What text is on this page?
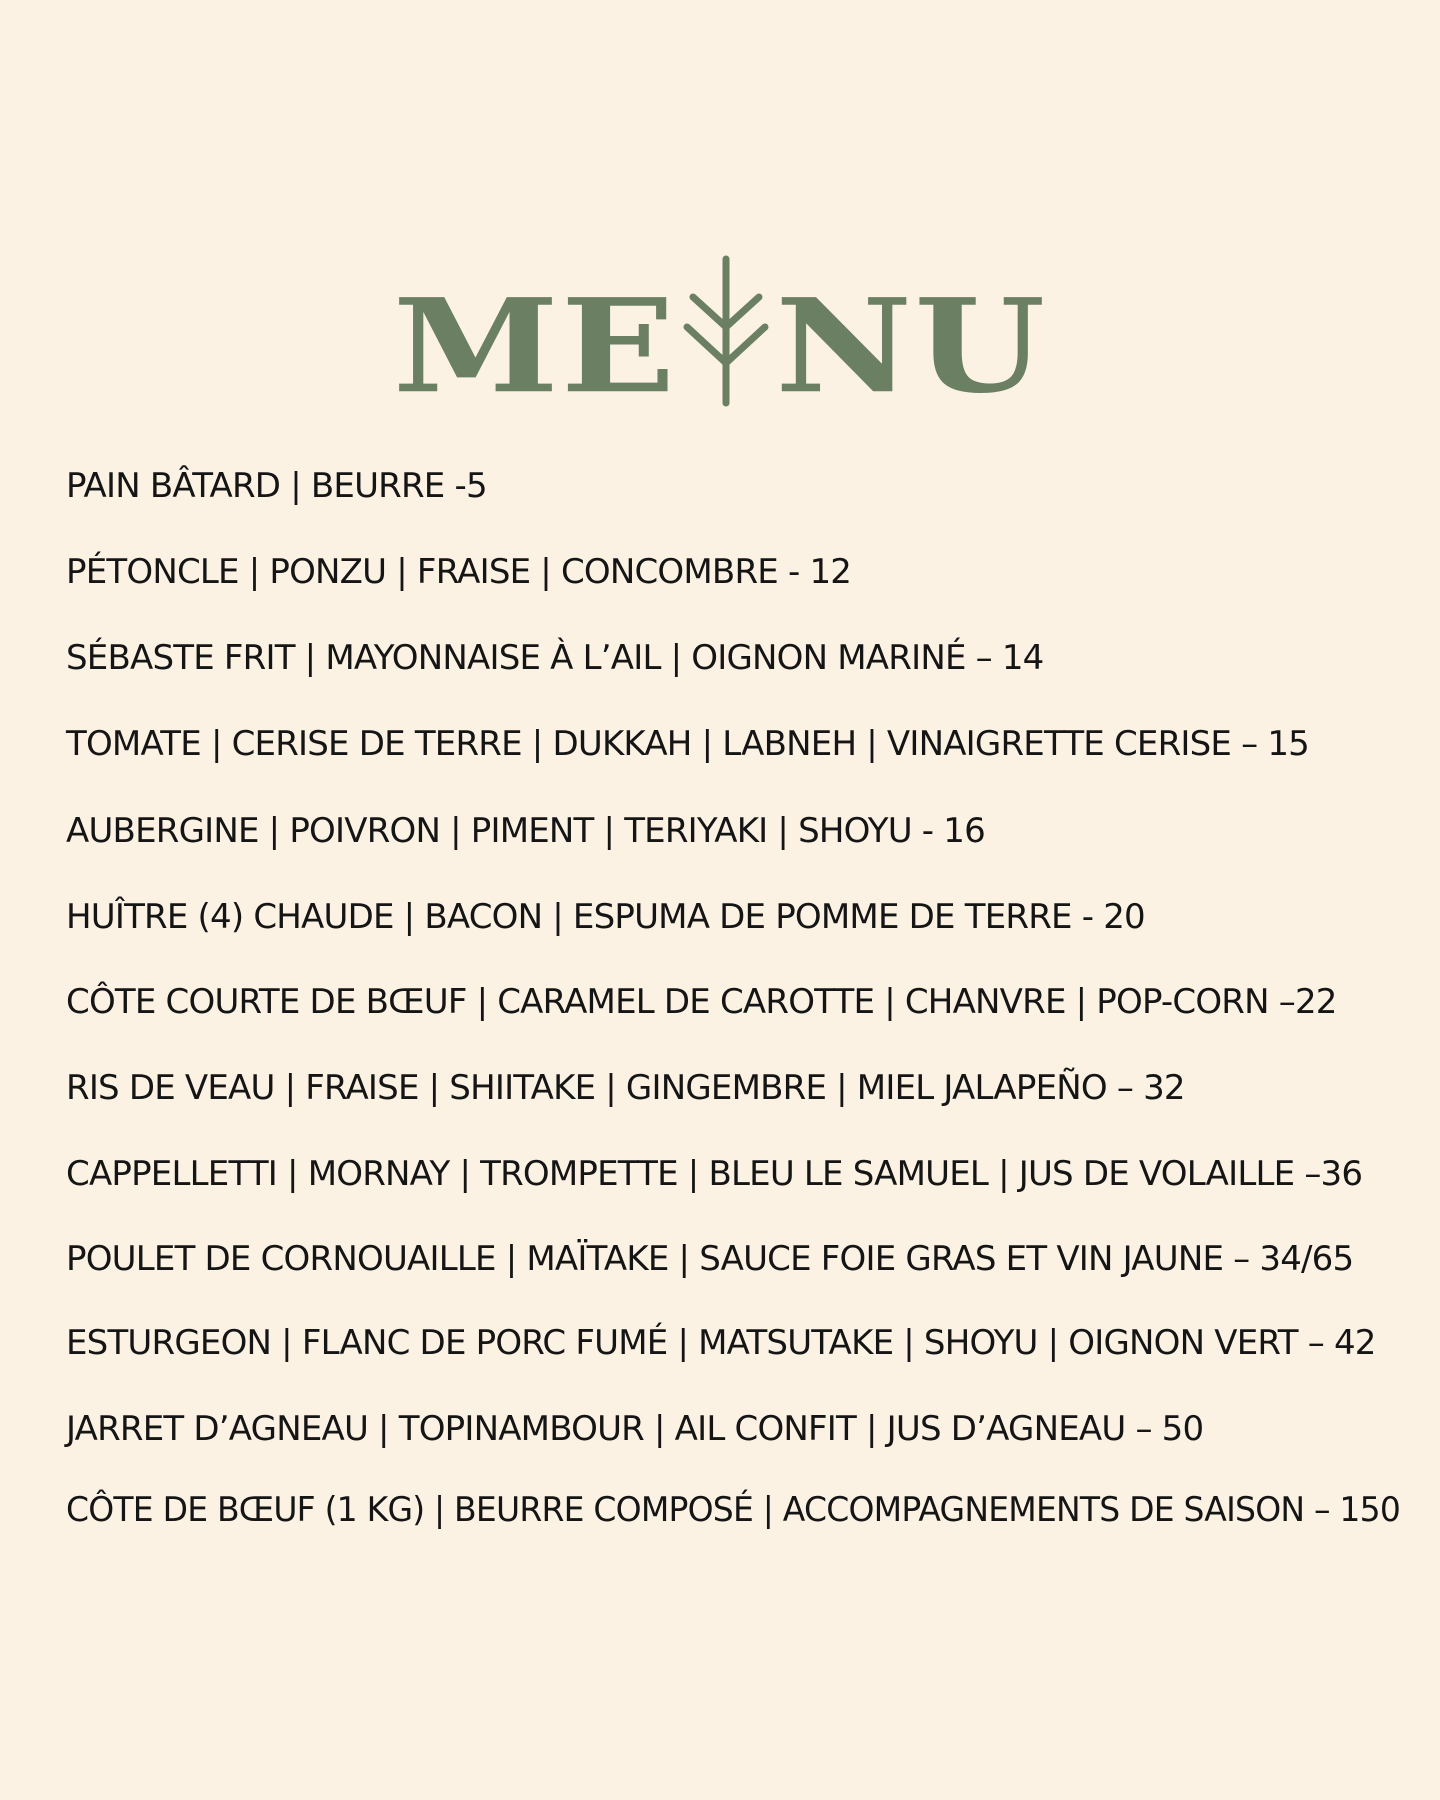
ME NU
PAIN BÂTARD | BEURRE -5
PÉTONCLE | PONZU | FRAISE | CONCOMBRE - 12
SÉBASTE FRIT | MAYONNAISE À L’AIL | OIGNON MARINÉ – 14
TOMATE | CERISE DE TERRE | DUKKAH | LABNEH | VINAIGRETTE CERISE – 15
AUBERGINE | POIVRON | PIMENT | TERIYAKI | SHOYU - 16
HUÎTRE (4) CHAUDE | BACON | ESPUMA DE POMME DE TERRE - 20
CÔTE COURTE DE BŒUF | CARAMEL DE CAROTTE | CHANVRE | POP-CORN –22
RIS DE VEAU | FRAISE | SHIITAKE | GINGEMBRE | MIEL JALAPEÑO – 32
CAPPELLETTI | MORNAY | TROMPETTE | BLEU LE SAMUEL | JUS DE VOLAILLE –36
POULET DE CORNOUAILLE | MAÏTAKE | SAUCE FOIE GRAS ET VIN JAUNE – 34/65
ESTURGEON | FLANC DE PORC FUMÉ | MATSUTAKE | SHOYU | OIGNON VERT – 42
JARRET D’AGNEAU | TOPINAMBOUR | AIL CONFIT | JUS D’AGNEAU – 50
CÔTE DE BŒUF (1 KG) | BEURRE COMPOSÉ | ACCOMPAGNEMENTS DE SAISON – 150
